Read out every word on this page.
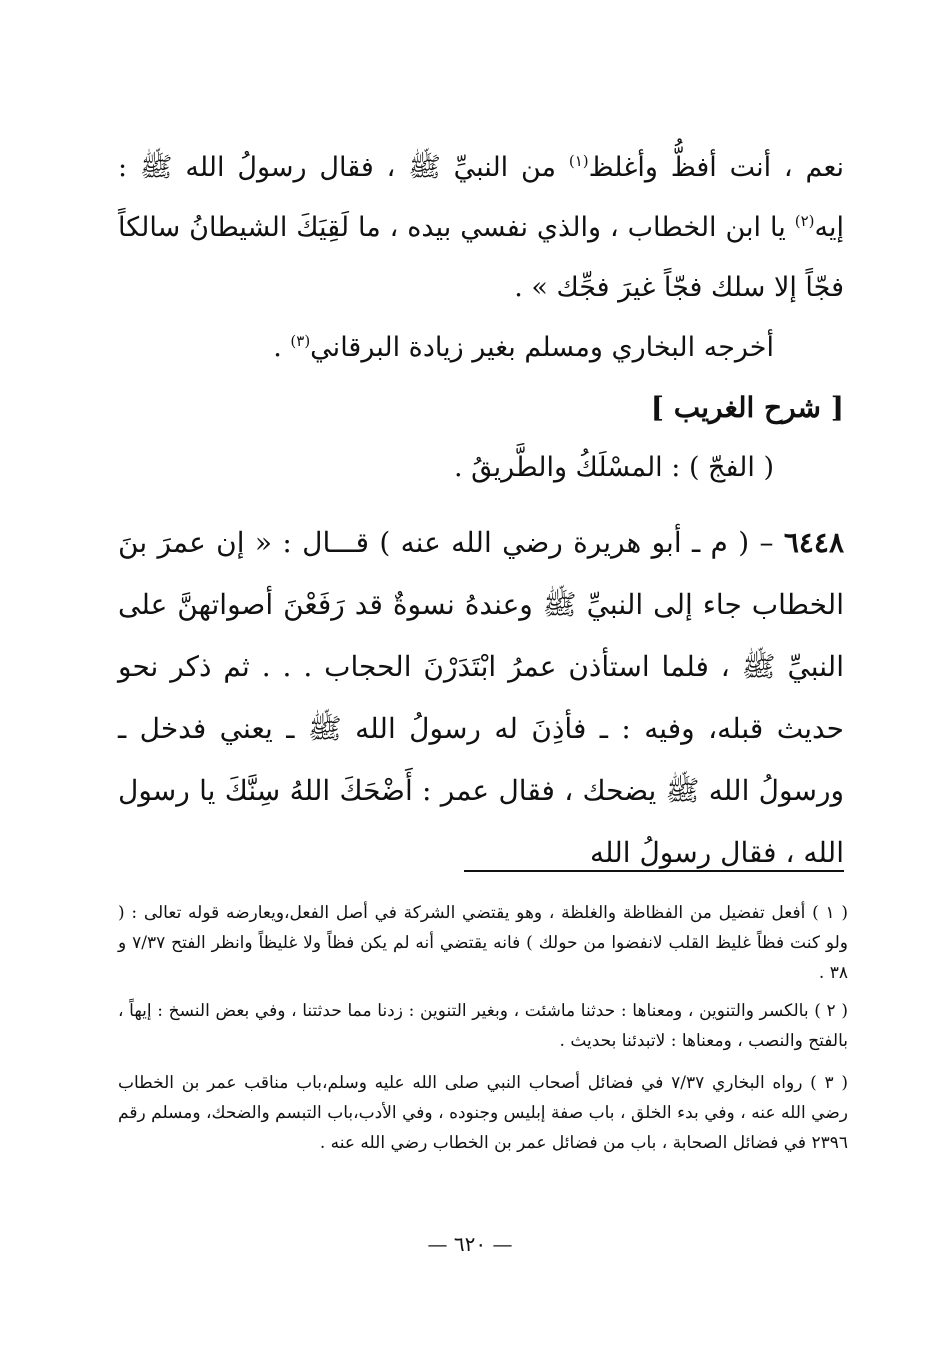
نعم ، أنت أفظُّ وأغلظ$^{(١)}$ من النبيِّ ﷺ ، فقال رسولُ الله ﷺ : إيه$^{(٢)}$ يا ابن الخطاب ، والذي نفسي بيده ، ما لَقِيَكَ الشيطانُ سالكاً فجّاً إلا سلك فجّاً غيرَ فجِّك » .

أخرجه البخاري ومسلم بغير زيادة البرقاني$^{(٣)}$ .

[ شرح الغريب ]

( الفجّ ) : المسْلَكُ والطَّريقُ .

٦٤٤٨ – ( م ـ أبو هريرة رضي الله عنه ) قـــال : « إن عمرَ بنَ الخطاب جاء إلى النبيِّ ﷺ وعندهُ نسوةٌ قد رَفَعْنَ أصواتهنَّ على النبيِّ ﷺ ، فلما استأذن عمرُ ابْتَدَرْنَ الحجاب . . . ثم ذكر نحو حديث قبله، وفيه : ـ فأذِنَ له رسولُ الله ﷺ ـ يعني فدخل ـ ورسولُ الله ﷺ يضحك ، فقال عمر : أَضْحَكَ اللهُ سِنَّكَ يا رسول الله ، فقال رسولُ الله

( ١ ) أفعل تفضيل من الفظاظة والغلظة ، وهو يقتضي الشركة في أصل الفعل،ويعارضه قوله تعالى : ( ولو كنت فظاً غليظ القلب لانفضوا من حولك ) فانه يقتضي أنه لم يكن فظاً ولا غليظاً وانظر الفتح ٧/٣٧ و ٣٨ .

( ٢ ) بالكسر والتنوين ، ومعناها : حدثنا ماشئت ، وبغير التنوين : زدنا مما حدثتنا ، وفي بعض النسخ : إيهاً ، بالفتح والنصب ، ومعناها : لاتبدئنا بحديث .

( ٣ ) رواه البخاري ٧/٣٧ في فضائل أصحاب النبي صلى الله عليه وسلم،باب مناقب عمر بن الخطاب رضي الله عنه ، وفي بدء الخلق ، باب صفة إبليس وجنوده ، وفي الأدب،باب التبسم والضحك، ومسلم رقم ٢٣٩٦ في فضائل الصحابة ، باب من فضائل عمر بن الخطاب رضي الله عنه .

— ٦٢٠ —
